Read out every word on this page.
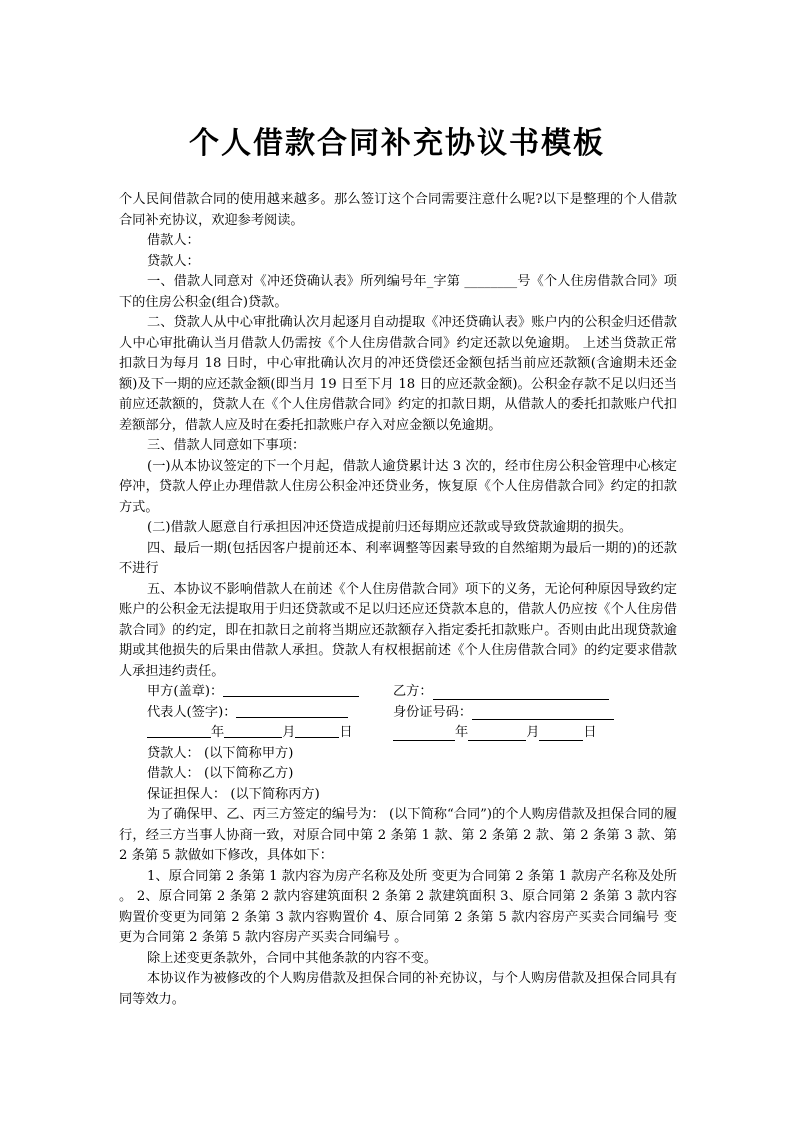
个人借款合同补充协议书模板

个人民间借款合同的使用越来越多。那么签订这个合同需要注意什么呢?以下是整理的个人借款合同补充协议，欢迎参考阅读。

借款人：

贷款人：

一、借款人同意对《冲还贷确认表》所列编号年_字第 ________号《个人住房借款合同》项下的住房公积金(组合)贷款。

二、贷款人从中心审批确认次月起逐月自动提取《冲还贷确认表》账户内的公积金归还借款人中心审批确认当月借款人仍需按《个人住房借款合同》约定还款以免逾期。 上述当贷款正常扣款日为每月 18 日时，中心审批确认次月的冲还贷偿还金额包括当前应还款额(含逾期未还金额)及下一期的应还款金额(即当月 19 日至下月 18 日的应还款金额)。公积金存款不足以归还当前应还款额的，贷款人在《个人住房借款合同》约定的扣款日期，从借款人的委托扣款账户代扣差额部分，借款人应及时在委托扣款账户存入对应金额以免逾期。

三、借款人同意如下事项：

(一)从本协议签定的下一个月起，借款人逾贷累计达 3 次的，经市住房公积金管理中心核定停冲，贷款人停止办理借款人住房公积金冲还贷业务，恢复原《个人住房借款合同》约定的扣款方式。

(二)借款人愿意自行承担因冲还贷造成提前归还每期应还款或导致贷款逾期的损失。

四、最后一期(包括因客户提前还本、利率调整等因素导致的自然缩期为最后一期的)的还款不进行

五、本协议不影响借款人在前述《个人住房借款合同》项下的义务，无论何种原因导致约定账户的公积金无法提取用于归还贷款或不足以归还应还贷款本息的，借款人仍应按《个人住房借款合同》的约定，即在扣款日之前将当期应还款额存入指定委托扣款账户。否则由此出现贷款逾期或其他损失的后果由借款人承担。贷款人有权根据前述《个人住房借款合同》的约定要求借款人承担违约责任。

甲方(盖章)：	乙方：
代表人(签字)：	身份证号码：
年	月	日	年	月	日

贷款人： (以下简称甲方)

借款人： (以下简称乙方)

保证担保人： (以下简称丙方)

为了确保甲、乙、丙三方签定的编号为： (以下简称“合同”)的个人购房借款及担保合同的履行，经三方当事人协商一致，对原合同中第 2 条第 1 款、第 2 条第 2 款、第 2 条第 3 款、第 2 条第 5 款做如下修改，具体如下：

1、原合同第 2 条第 1 款内容为房产名称及处所 变更为合同第 2 条第 1 款房产名称及处所 。 2、原合同第 2 条第 2 款内容建筑面积 2 条第 2 款建筑面积 3、原合同第 2 条第 3 款内容购置价变更为同第 2 条第 3 款内容购置价 4、原合同第 2 条第 5 款内容房产买卖合同编号 变更为合同第 2 条第 5 款内容房产买卖合同编号 。

除上述变更条款外，合同中其他条款的内容不变。

本协议作为被修改的个人购房借款及担保合同的补充协议，与个人购房借款及担保合同具有同等效力。
